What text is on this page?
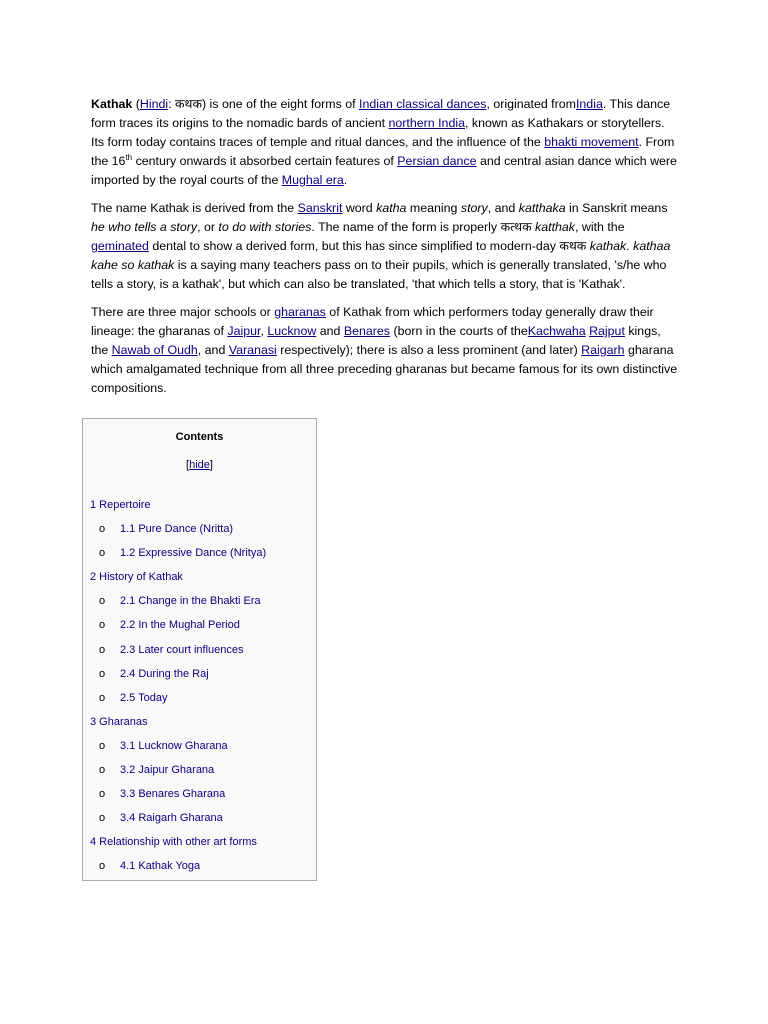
Kathak (Hindi: कथक) is one of the eight forms of Indian classical dances, originated fromIndia. This dance form traces its origins to the nomadic bards of ancient northern India, known as Kathakars or storytellers. Its form today contains traces of temple and ritual dances, and the influence of the bhakti movement. From the 16th century onwards it absorbed certain features of Persian dance and central asian dance which were imported by the royal courts of the Mughal era.

The name Kathak is derived from the Sanskrit word katha meaning story, and katthaka in Sanskrit means he who tells a story, or to do with stories. The name of the form is properly कत्थक katthak, with the geminated dental to show a derived form, but this has since simplified to modern-day कथक kathak. kathaa kahe so kathak is a saying many teachers pass on to their pupils, which is generally translated, 's/he who tells a story, is a kathak', but which can also be translated, 'that which tells a story, that is 'Kathak'.

There are three major schools or gharanas of Kathak from which performers today generally draw their lineage: the gharanas of Jaipur, Lucknow and Benares (born in the courts of theKachwaha Rajput kings, the Nawab of Oudh, and Varanasi respectively); there is also a less prominent (and later) Raigarh gharana which amalgamated technique from all three preceding gharanas but became famous for its own distinctive compositions.

Contents
[hide]
1 Repertoire
o 1.1 Pure Dance (Nritta)
o 1.2 Expressive Dance (Nritya)
2 History of Kathak
o 2.1 Change in the Bhakti Era
o 2.2 In the Mughal Period
o 2.3 Later court influences
o 2.4 During the Raj
o 2.5 Today
3 Gharanas
o 3.1 Lucknow Gharana
o 3.2 Jaipur Gharana
o 3.3 Benares Gharana
o 3.4 Raigarh Gharana
4 Relationship with other art forms
o 4.1 Kathak Yoga
